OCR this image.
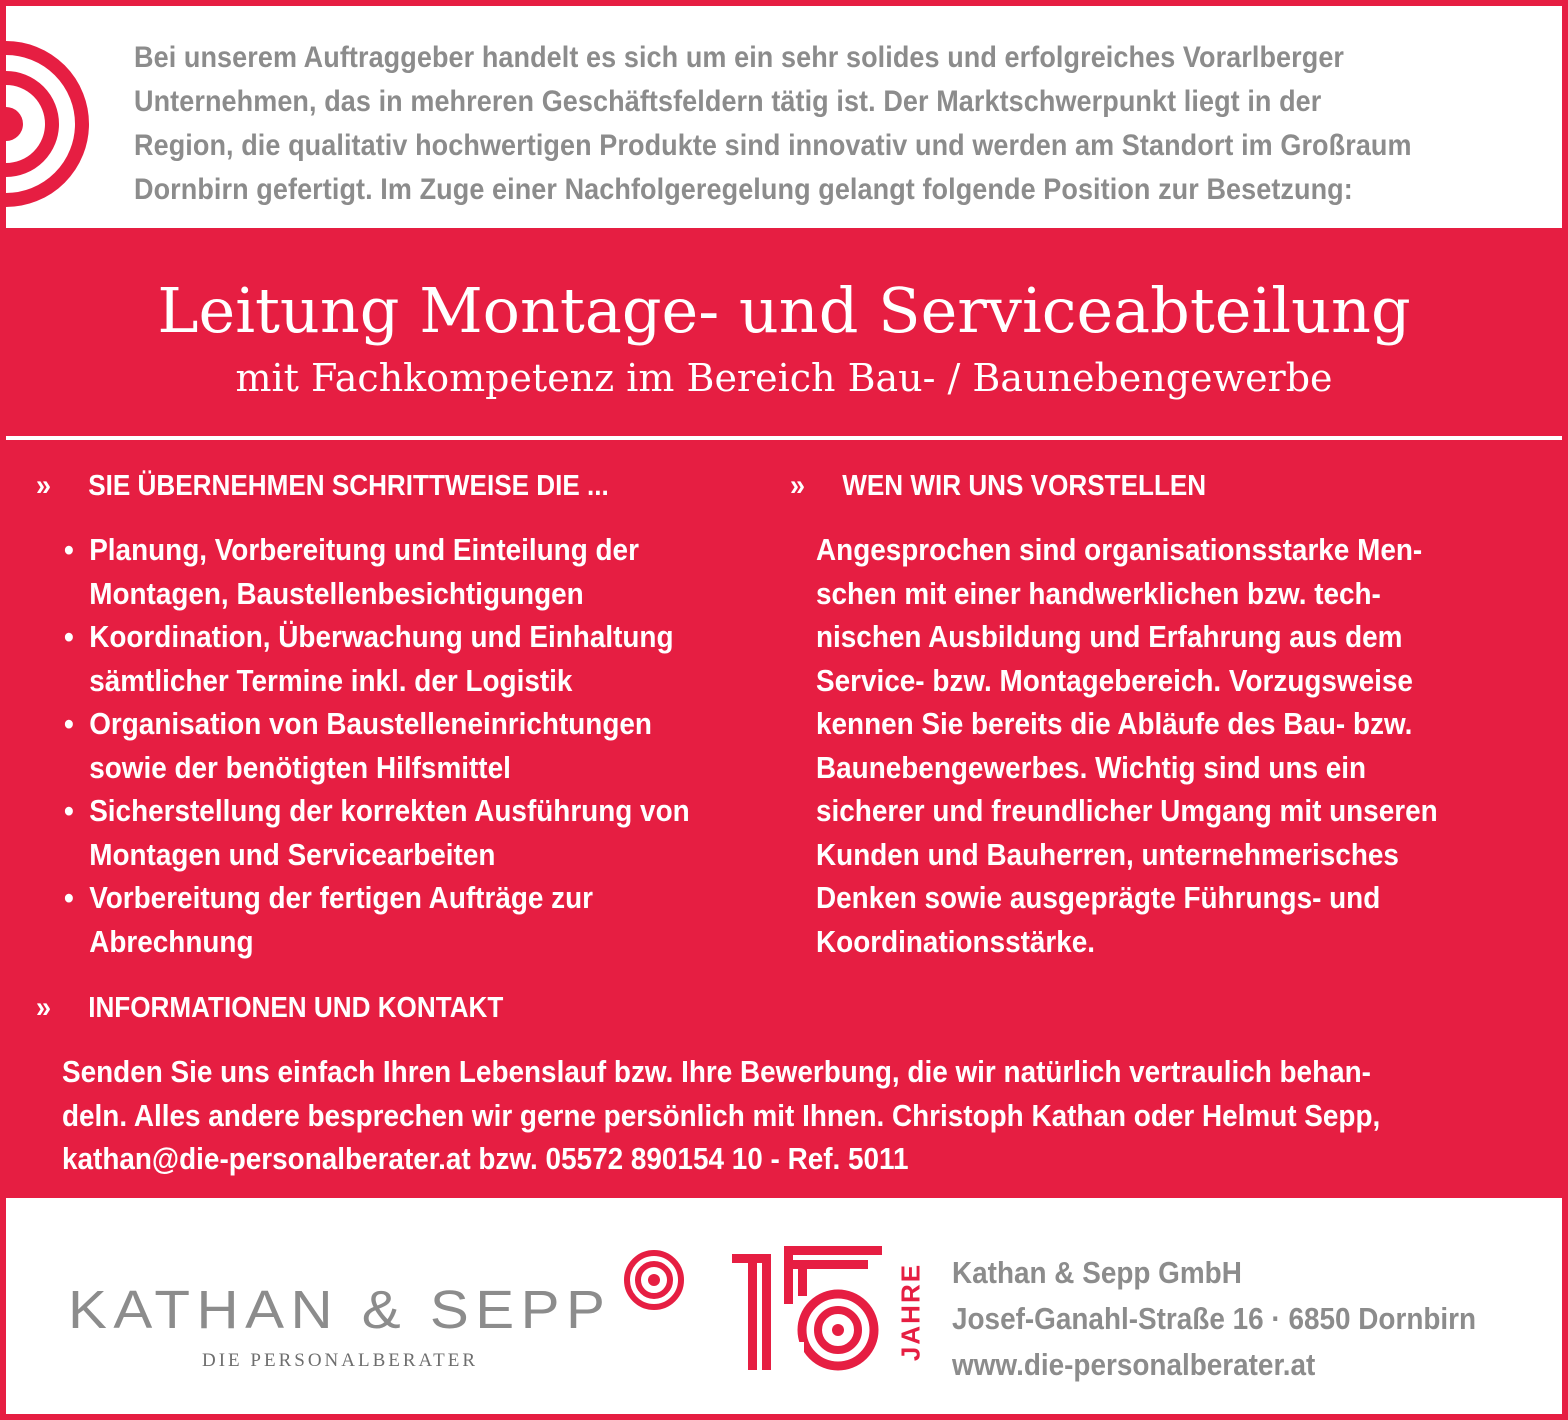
Bei unserem Auftraggeber handelt es sich um ein sehr solides und erfolgreiches Vorarlberger
Unternehmen, das in mehreren Geschäftsfeldern tätig ist. Der Marktschwerpunkt liegt in der
Region, die qualitativ hochwertigen Produkte sind innovativ und werden am Standort im Großraum
Dornbirn gefertigt. Im Zuge einer Nachfolgeregelung gelangt folgende Position zur Besetzung:
Leitung Montage- und Serviceabteilung
mit Fachkompetenz im Bereich Bau- / Baunebengewerbe
» SIE ÜBERNEHMEN SCHRITTWEISE DIE ...
• Planung, Vorbereitung und Einteilung der
Montagen, Baustellenbesichtigungen
• Koordination, Überwachung und Einhaltung
sämtlicher Termine inkl. der Logistik
• Organisation von Baustelleneinrichtungen
sowie der benötigten Hilfsmittel
• Sicherstellung der korrekten Ausführung von
Montagen und Servicearbeiten
• Vorbereitung der fertigen Aufträge zur
Abrechnung
» WEN WIR UNS VORSTELLEN
Angesprochen sind organisationsstarke Men-
schen mit einer handwerklichen bzw. tech-
nischen Ausbildung und Erfahrung aus dem
Service- bzw. Montagebereich. Vorzugsweise
kennen Sie bereits die Abläufe des Bau- bzw.
Baunebengewerbes. Wichtig sind uns ein
sicherer und freundlicher Umgang mit unseren
Kunden und Bauherren, unternehmerisches
Denken sowie ausgeprägte Führungs- und
Koordinationsstärke.
» INFORMATIONEN UND KONTAKT
Senden Sie uns einfach Ihren Lebenslauf bzw. Ihre Bewerbung, die wir natürlich vertraulich behan-
deln. Alles andere besprechen wir gerne persönlich mit Ihnen. Christoph Kathan oder Helmut Sepp,
kathan@die-personalberater.at bzw. 05572 890154 10 - Ref. 5011
KATHAN & SEPP
DIE PERSONALBERATER	JAHRE Kathan & Sepp GmbH
Josef-Ganahl-Straße 16 · 6850 Dornbirn
www.die-personalberater.at
